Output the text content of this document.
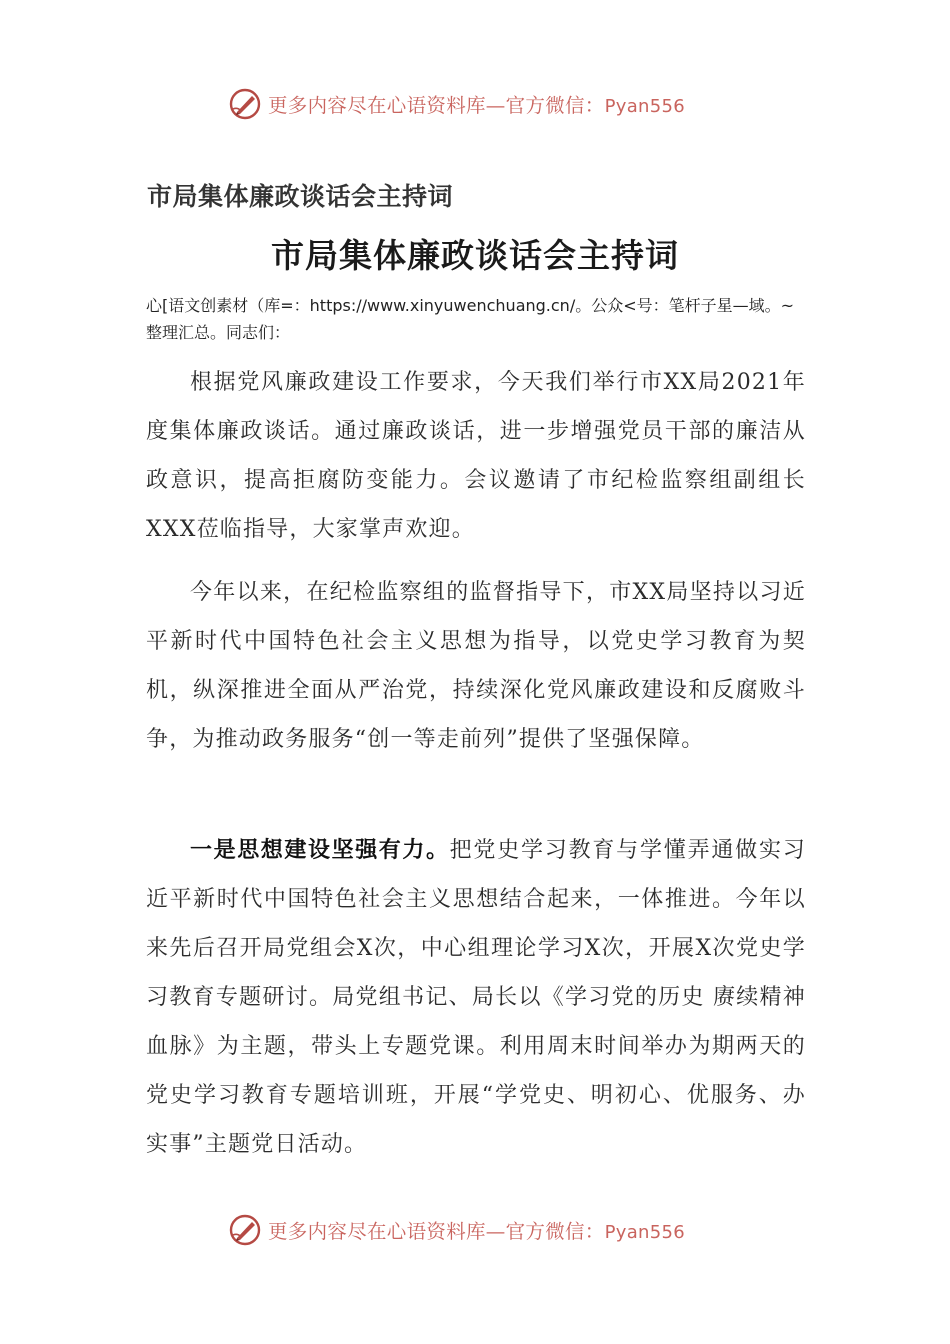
更多内容尽在心语资料库—官方微信：Pyan556
市局集体廉政谈话会主持词
市局集体廉政谈话会主持词
心[语文创素材（库=：https://www.xinyuwenchuang.cn/。公众<号：笔杆子星—域。~整理汇总。同志们：
根据党风廉政建设工作要求，今天我们举行市XX局2021年度集体廉政谈话。通过廉政谈话，进一步增强党员干部的廉洁从政意识，提高拒腐防变能力。会议邀请了市纪检监察组副组长XXX莅临指导，大家掌声欢迎。
今年以来，在纪检监察组的监督指导下，市XX局坚持以习近平新时代中国特色社会主义思想为指导，以党史学习教育为契机，纵深推进全面从严治党，持续深化党风廉政建设和反腐败斗争，为推动政务服务“创一等走前列”提供了坚强保障。
一是思想建设坚强有力。把党史学习教育与学懂弄通做实习近平新时代中国特色社会主义思想结合起来，一体推进。今年以来先后召开局党组会X次，中心组理论学习X次，开展X次党史学习教育专题研讨。局党组书记、局长以《学习党的历史 赓续精神血脉》为主题，带头上专题党课。利用周末时间举办为期两天的党史学习教育专题培训班，开展“学党史、明初心、优服务、办实事”主题党日活动。
更多内容尽在心语资料库—官方微信：Pyan556
